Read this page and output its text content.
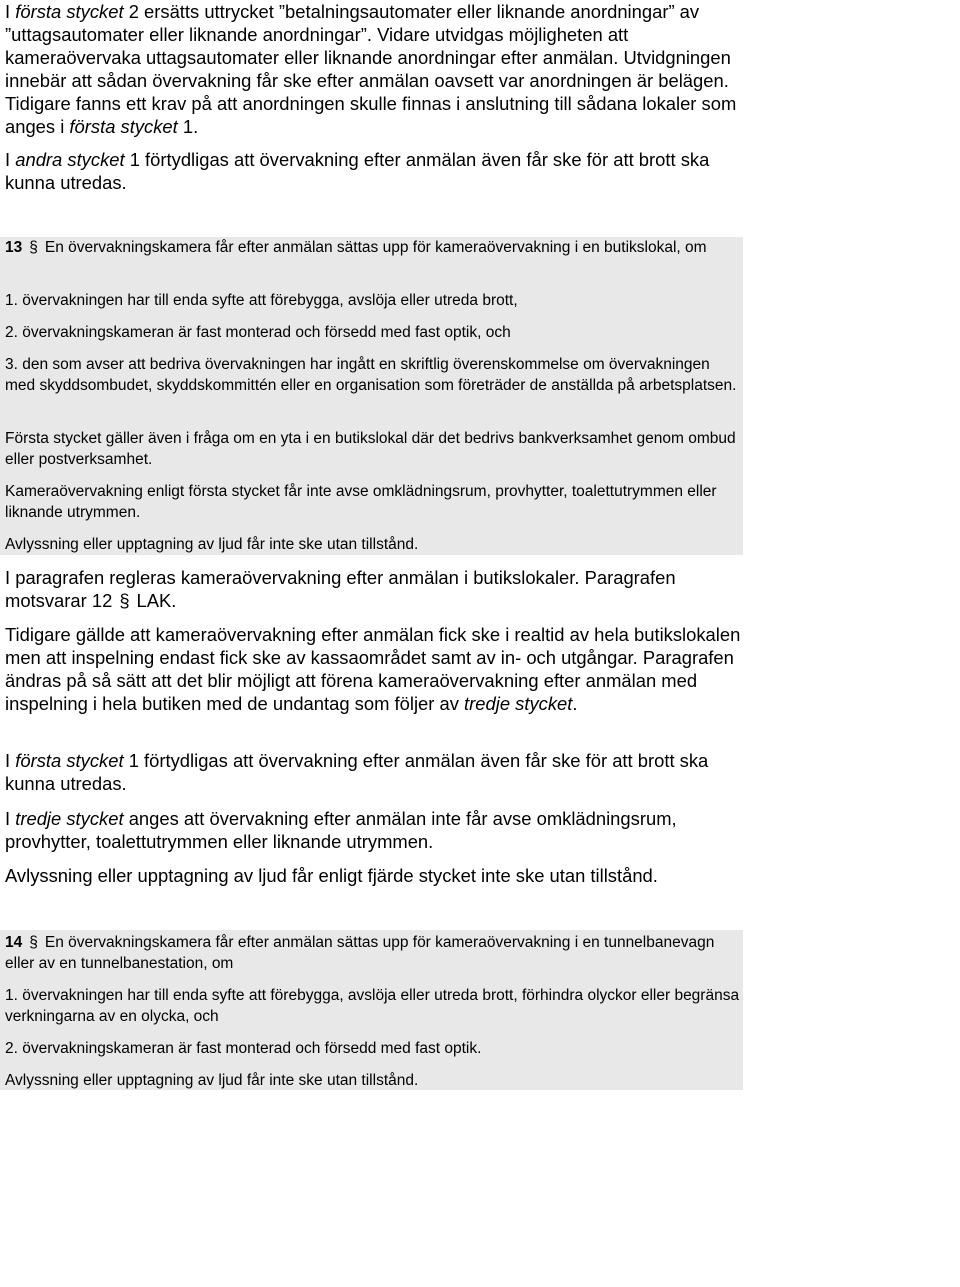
I första stycket 2 ersätts uttrycket ”betalningsautomater eller liknande anordningar” av ”uttagsautomater eller liknande anordningar”. Vidare utvidgas möjligheten att kameraövervaka uttagsautomater eller liknande anordningar efter anmälan. Utvidgningen innebär att sådan övervakning får ske efter anmälan oavsett var anordningen är belägen. Tidigare fanns ett krav på att anordningen skulle finnas i anslutning till sådana lokaler som anges i första stycket 1.

I andra stycket 1 förtydligas att övervakning efter anmälan även får ske för att brott ska kunna utredas.

13 § En övervakningskamera får efter anmälan sättas upp för kameraövervakning i en butikslokal, om

1. övervakningen har till enda syfte att förebygga, avslöja eller utreda brott,

2. övervakningskameran är fast monterad och försedd med fast optik, och

3. den som avser att bedriva övervakningen har ingått en skriftlig överenskommelse om övervakningen med skyddsombudet, skyddskommittén eller en organisation som företräder de anställda på arbetsplatsen.

Första stycket gäller även i fråga om en yta i en butikslokal där det bedrivs bankverksamhet genom ombud eller postverksamhet.

Kameraövervakning enligt första stycket får inte avse omklädningsrum, provhytter, toalettutrymmen eller liknande utrymmen.

Avlyssning eller upptagning av ljud får inte ske utan tillstånd.

I paragrafen regleras kameraövervakning efter anmälan i butikslokaler. Paragrafen motsvarar 12 § LAK.

Tidigare gällde att kameraövervakning efter anmälan fick ske i realtid av hela butikslokalen men att inspelning endast fick ske av kassaområdet samt av in- och utgångar. Paragrafen ändras på så sätt att det blir möjligt att förena kameraövervakning efter anmälan med inspelning i hela butiken med de undantag som följer av tredje stycket.

I första stycket 1 förtydligas att övervakning efter anmälan även får ske för att brott ska kunna utredas.

I tredje stycket anges att övervakning efter anmälan inte får avse omklädningsrum, provhytter, toalettutrymmen eller liknande utrymmen.

Avlyssning eller upptagning av ljud får enligt fjärde stycket inte ske utan tillstånd.

14 § En övervakningskamera får efter anmälan sättas upp för kameraövervakning i en tunnelbanevagn eller av en tunnelbanestation, om

1. övervakningen har till enda syfte att förebygga, avslöja eller utreda brott, förhindra olyckor eller begränsa verkningarna av en olycka, och

2. övervakningskameran är fast monterad och försedd med fast optik.

Avlyssning eller upptagning av ljud får inte ske utan tillstånd.
